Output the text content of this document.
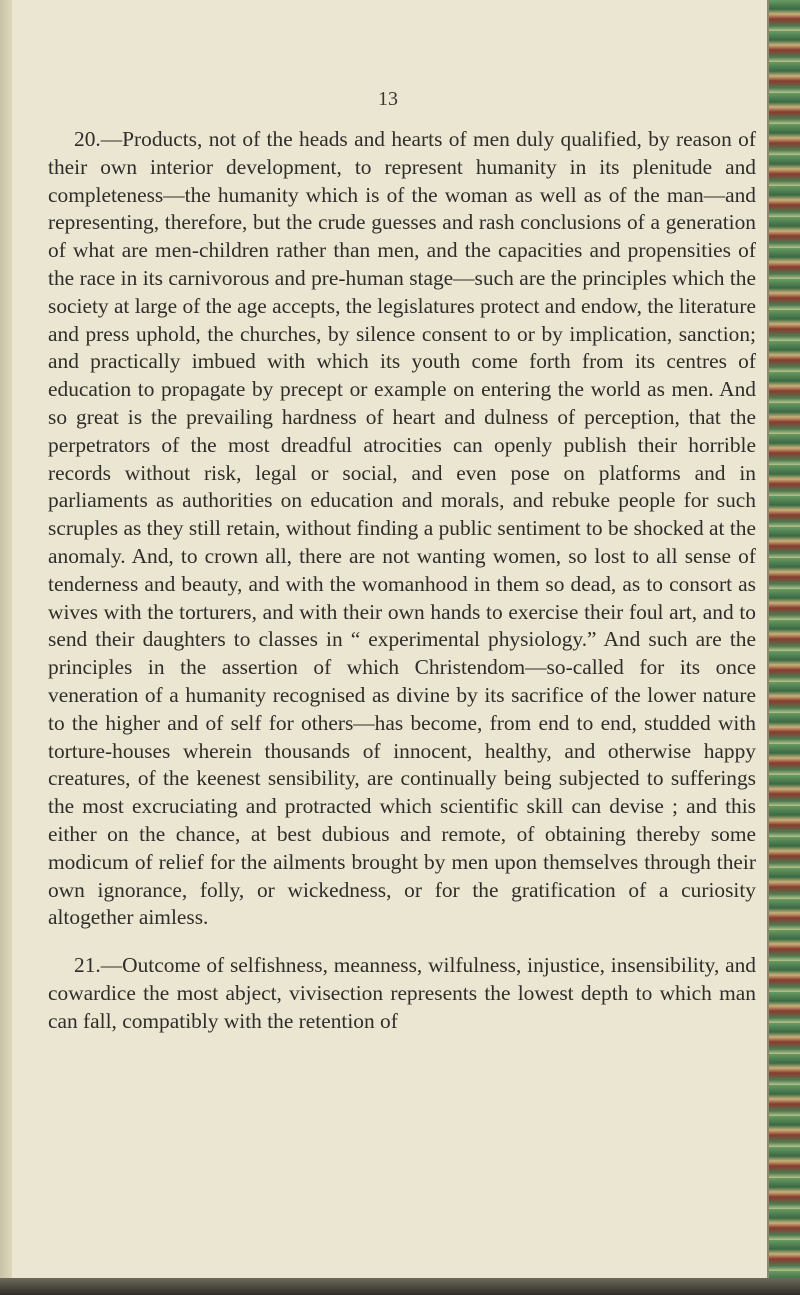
13

20.—Products, not of the heads and hearts of men duly qualified, by reason of their own interior development, to represent humanity in its plenitude and completeness—the humanity which is of the woman as well as of the man—and representing, therefore, but the crude guesses and rash conclusions of a generation of what are men-children rather than men, and the capacities and propensities of the race in its carnivorous and pre-human stage—such are the principles which the society at large of the age accepts, the legislatures protect and endow, the literature and press uphold, the churches, by silence consent to or by implication, sanction; and practically imbued with which its youth come forth from its centres of education to propagate by precept or example on entering the world as men. And so great is the prevailing hardness of heart and dulness of perception, that the perpetrators of the most dreadful atrocities can openly publish their horrible records without risk, legal or social, and even pose on platforms and in parliaments as authorities on education and morals, and rebuke people for such scruples as they still retain, without finding a public sentiment to be shocked at the anomaly. And, to crown all, there are not wanting women, so lost to all sense of tenderness and beauty, and with the womanhood in them so dead, as to consort as wives with the torturers, and with their own hands to exercise their foul art, and to send their daughters to classes in “ experimental physiology.” And such are the principles in the assertion of which Christendom—so-called for its once veneration of a humanity recognised as divine by its sacrifice of the lower nature to the higher and of self for others—has become, from end to end, studded with torture-houses wherein thousands of innocent, healthy, and otherwise happy creatures, of the keenest sensibility, are continually being subjected to sufferings the most excruciating and protracted which scientific skill can devise ; and this either on the chance, at best dubious and remote, of obtaining thereby some modicum of relief for the ailments brought by men upon themselves through their own ignorance, folly, or wickedness, or for the gratification of a curiosity altogether aimless.

21.—Outcome of selfishness, meanness, wilfulness, injustice, insensibility, and cowardice the most abject, vivisection represents the lowest depth to which man can fall, compatibly with the retention of
